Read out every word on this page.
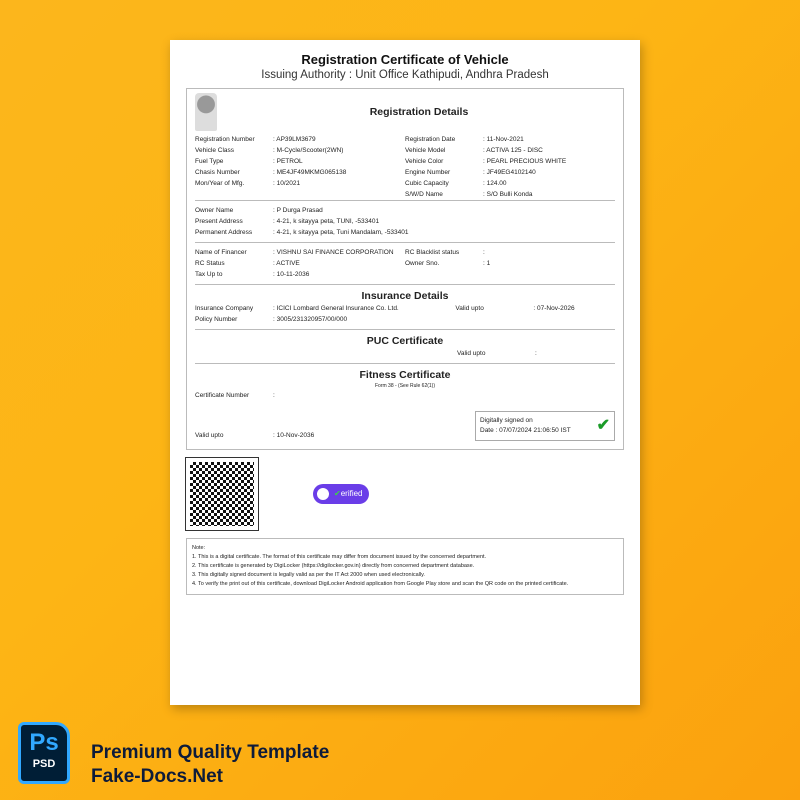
Registration Certificate of Vehicle
Issuing Authority : Unit Office Kathipudi, Andhra Pradesh
Registration Details
Registration Number	: AP39LM3679
Vehicle Class	: M-Cycle/Scooter(2WN)
Fuel Type	: PETROL
Chasis Number	: ME4JF49MKMG065138
Mon/Year of Mfg.	: 10/2021
Registration Date	: 11-Nov-2021
Vehicle Model	: ACTIVA 125 - DISC
Vehicle Color	: PEARL PRECIOUS WHITE
Engine Number	: JF49EG4102140
Cubic Capacity	: 124.00
S/W/D Name	: S/O Bulli Konda
Owner Name	: P Durga Prasad
Present Address	: 4-21, k sitayya peta, TUNI, -533401
Permanent Address	: 4-21, k sitayya peta, Tuni Mandalam, -533401
Name of Financer	: VISHNU SAI FINANCE CORPORATION
RC Status	: ACTIVE
Tax Up to	: 10-11-2036
RC Blacklist status	:
Owner Sno.	: 1
Insurance Details
Insurance Company	: ICICI Lombard General Insurance Co. Ltd.
Policy Number	: 3005/231320957/00/000
Valid upto	: 07-Nov-2026
PUC Certificate
Valid upto	:
Fitness Certificate
Form 38 - (See Rule 62(1))
Certificate Number	:
Valid upto	: 10-Nov-2036
Digitally signed on
Date : 07/07/2024 21:06:50 IST ✔
✔ erified
Note:
1. This is a digital certificate. The format of this certificate may differ from document issued by the concerned department.
2. This certificate is generated by DigiLocker (https://digilocker.gov.in) directly from concerned department database.
3. This digitally signed document is legally valid as per the IT Act 2000 when used electronically.
4. To verify the print out of this certificate, download DigiLocker Android application from Google Play store and scan the QR code on the printed certificate.
Ps
PSD
Premium Quality Template
Fake-Docs.Net
